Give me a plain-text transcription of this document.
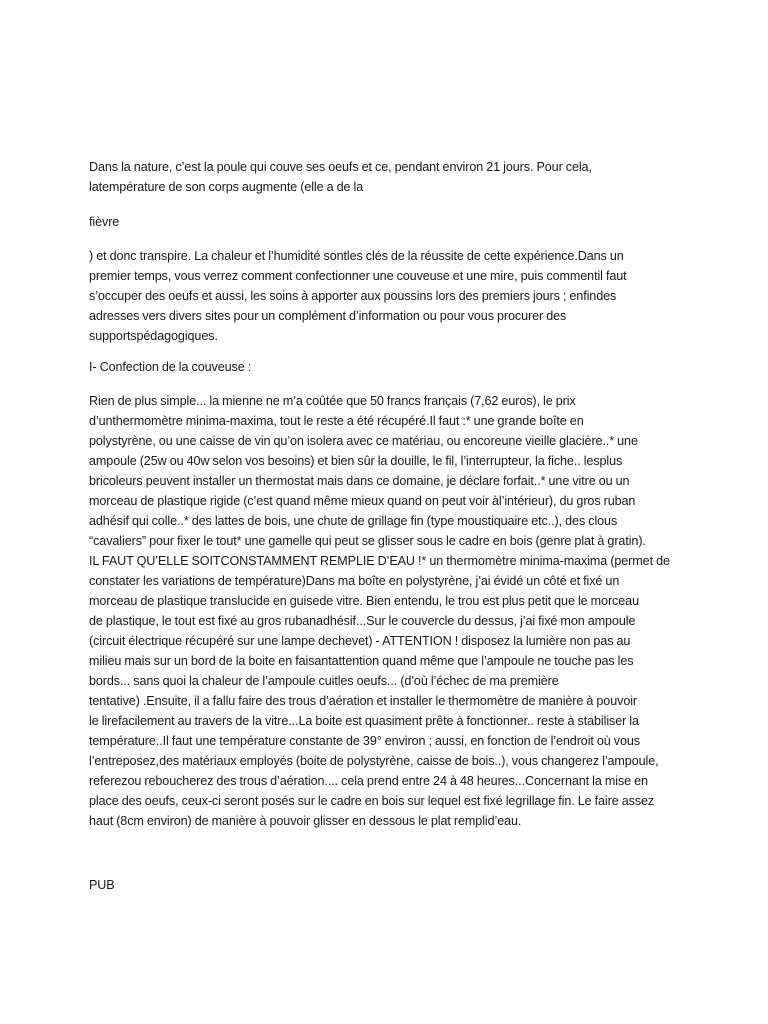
Dans la nature, c’est la poule qui couve ses oeufs et ce, pendant environ 21 jours. Pour cela,
latempérature de son corps augmente (elle a de la

fièvre

) et donc transpire. La chaleur et l’humidité sontles clés de la réussite de cette expérience.Dans un
premier temps, vous verrez comment confectionner une couveuse et une mire, puis commentil faut
s’occuper des oeufs et aussi, les soins à apporter aux poussins lors des premiers jours ; enfindes
adresses vers divers sites pour un complément d’information ou pour vous procurer des
supportspédagogiques.

I- Confection de la couveuse :

Rien de plus simple... la mienne ne m’a coûtée que 50 francs français (7,62 euros), le prix
d’unthermomètre minima-maxima, tout le reste a été récupéré.Il faut :* une grande boîte en
polystyrène, ou une caisse de vin qu’on isolera avec ce matériau, ou encoreune vieille glacière..* une
ampoule (25w ou 40w selon vos besoins) et bien sûr la douille, le fil, l’interrupteur, la fiche.. lesplus
bricoleurs peuvent installer un thermostat mais dans ce domaine, je déclare forfait..* une vitre ou un
morceau de plastique rigide (c’est quand même mieux quand on peut voir àl’intérieur), du gros ruban
adhésif qui colle..* des lattes de bois, une chute de grillage fin (type moustiquaire etc..), des clous
“cavaliers” pour fixer le tout* une gamelle qui peut se glisser sous le cadre en bois (genre plat à gratin).
IL FAUT QU’ELLE SOITCONSTAMMENT REMPLIE D’EAU !* un thermomètre minima-maxima (permet de
constater les variations de température)Dans ma boîte en polystyrène, j’ai évidé un côté et fixé un
morceau de plastique translucide en guisede vitre. Bien entendu, le trou est plus petit que le morceau
de plastique, le tout est fixé au gros rubanadhésif...Sur le couvercle du dessus, j’ai fixé mon ampoule
(circuit électrique récupéré sur une lampe dechevet) - ATTENTION ! disposez la lumière non pas au
milieu mais sur un bord de la boite en faisantattention quand même que l’ampoule ne touche pas les
bords... sans quoi la chaleur de l’ampoule cuitles oeufs... (d’où l’échec de ma première
tentative) .Ensuite, il a fallu faire des trous d’aération et installer le thermomètre de manière à pouvoir
le lirefacilement au travers de la vitre...La boite est quasiment prête à fonctionner.. reste à stabiliser la
température..Il faut une température constante de 39° environ ; aussi, en fonction de l’endroit où vous
l’entreposez,des matériaux employés (boite de polystyrène, caisse de bois..), vous changerez l’ampoule,
referezou reboucherez des trous d’aération.... cela prend entre 24 à 48 heures...Concernant la mise en
place des oeufs, ceux-ci seront posés sur le cadre en bois sur lequel est fixé legrillage fin. Le faire assez
haut (8cm environ) de manière à pouvoir glisser en dessous le plat remplid’eau.

PUB
